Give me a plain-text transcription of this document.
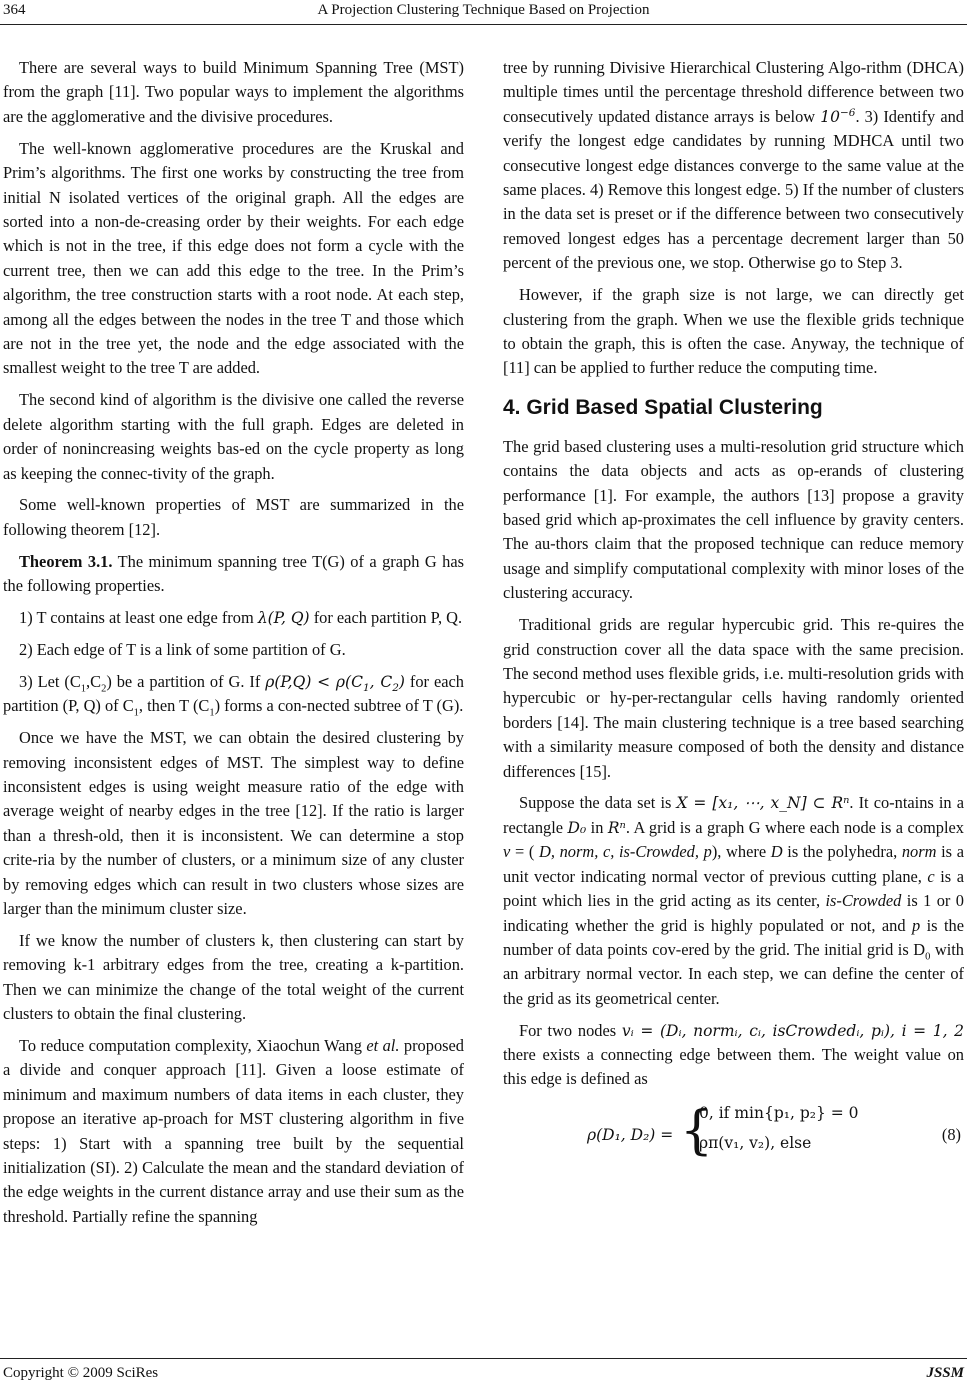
364	A Projection Clustering Technique Based on Projection

There are several ways to build Minimum Spanning Tree (MST) from the graph [11]. Two popular ways to implement the algorithms are the agglomerative and the divisive procedures.

The well-known agglomerative procedures are the Kruskal and Prim’s algorithms. The first one works by constructing the tree from initial N isolated vertices of the original graph. All the edges are sorted into a non-de-creasing order by their weights. For each edge which is not in the tree, if this edge does not form a cycle with the current tree, then we can add this edge to the tree. In the Prim’s algorithm, the tree construction starts with a root node. At each step, among all the edges between the nodes in the tree T and those which are not in the tree yet, the node and the edge associated with the smallest weight to the tree T are added.

The second kind of algorithm is the divisive one called the reverse delete algorithm starting with the full graph. Edges are deleted in order of nonincreasing weights bas-ed on the cycle property as long as keeping the connec-tivity of the graph.

Some well-known properties of MST are summarized in the following theorem [12].

Theorem 3.1. The minimum spanning tree T(G) of a graph G has the following properties.

1) T contains at least one edge from λ(P, Q) for each partition P, Q.

2) Each edge of T is a link of some partition of G.

3) Let $(C_1,C_2)$ be a partition of G. If $\rho(P,Q) < \rho(C_1$, $C_2$) for each partition (P, Q) of $C_1$, then T $(C_1)$ forms a con-nected subtree of T (G).

Once we have the MST, we can obtain the desired clustering by removing inconsistent edges of MST. The simplest way to define inconsistent edges is using weight measure ratio of the edge with average weight of nearby edges in the tree [12]. If the ratio is larger than a thresh-old, then it is inconsistent. We can determine a stop crite-ria by the number of clusters, or a minimum size of any cluster by removing edges which can result in two clusters whose sizes are larger than the minimum cluster size.

If we know the number of clusters k, then clustering can start by removing k-1 arbitrary edges from the tree, creating a k-partition. Then we can minimize the change of the total weight of the current clusters to obtain the final clustering.

To reduce computation complexity, Xiaochun Wang et al. proposed a divide and conquer approach [11]. Given a loose estimate of minimum and maximum numbers of data items in each cluster, they propose an iterative ap-proach for MST clustering algorithm in five steps: 1) Start with a spanning tree built by the sequential initialization (SI). 2) Calculate the mean and the standard deviation of the edge weights in the current distance array and use their sum as the threshold. Partially refine the spanning

tree by running Divisive Hierarchical Clustering Algo-rithm (DHCA) multiple times until the percentage threshold difference between two consecutively updated distance arrays is below $10^{-6}$. 3) Identify and verify the longest edge candidates by running MDHCA until two consecutive longest edge distances converge to the same value at the same places. 4) Remove this longest edge. 5) If the number of clusters in the data set is preset or if the difference between two consecutively removed longest edges has a percentage decrement larger than 50 percent of the previous one, we stop. Otherwise go to Step 3.

However, if the graph size is not large, we can directly get clustering from the graph. When we use the flexible grids technique to obtain the graph, this is often the case. Anyway, the technique of [11] can be applied to further reduce the computing time.

4. Grid Based Spatial Clustering

The grid based clustering uses a multi-resolution grid structure which contains the data objects and acts as op-erands of clustering performance [1]. For example, the authors [13] propose a gravity based grid which ap-proximates the cell influence by gravity centers. The au-thors claim that the proposed technique can reduce memory usage and simplify computational complexity with minor loses of the clustering accuracy.

Traditional grids are regular hypercubic grid. This re-quires the grid construction cover all the data space with the same precision. The second method uses flexible grids, i.e. multi-resolution grids with hypercubic or hy-per-rectangular cells having randomly oriented borders [14]. The main clustering technique is a tree based searching with a similarity measure composed of both the density and distance differences [15].

Suppose the data set is X = [x₁, ⋯, x_N] ⊂ Rⁿ. It co-ntains in a rectangle D₀ in Rⁿ. A grid is a graph G where each node is a complex v = ( D, norm, c, is-Crowded, p), where D is the polyhedra, norm is a unit vector indicating normal vector of previous cutting plane, c is a point which lies in the grid acting as its center, is-Crowded is 1 or 0 indicating whether the grid is highly populated or not, and p is the number of data points cov-ered by the grid. The initial grid is $D_0$ with an arbitrary normal vector. In each step, we can define the center of the grid as its geometrical center.

For two nodes vᵢ = (Dᵢ, normᵢ, cᵢ, isCrowdedᵢ, pᵢ), i = 1, 2 there exists a connecting edge between them. The weight value on this edge is defined as

ρ(D₁, D₂) = {
0, if min{p₁, p₂} = 0
ρπ(v₁, v₂), else	(8)
Copyright © 2009 SciRes	JSSM
